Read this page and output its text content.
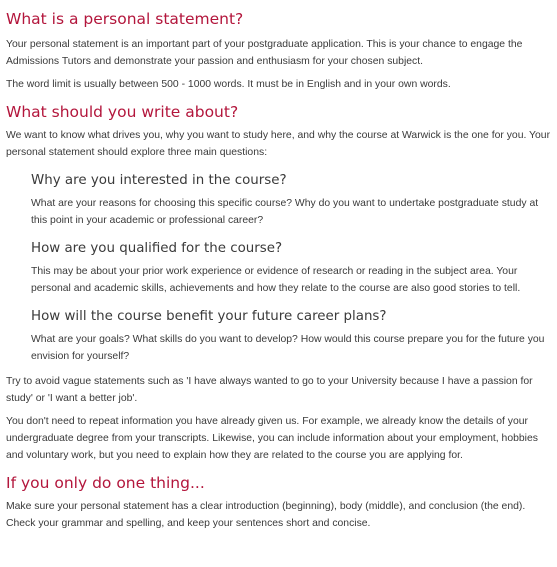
What is a personal statement?

Your personal statement is an important part of your postgraduate application. This is your chance to engage the Admissions Tutors and demonstrate your passion and enthusiasm for your chosen subject.

The word limit is usually between 500 - 1000 words. It must be in English and in your own words.

What should you write about?

We want to know what drives you, why you want to study here, and why the course at Warwick is the one for you. Your personal statement should explore three main questions:

Why are you interested in the course?

What are your reasons for choosing this specific course? Why do you want to undertake postgraduate study at this point in your academic or professional career?

How are you qualified for the course?

This may be about your prior work experience or evidence of research or reading in the subject area. Your personal and academic skills, achievements and how they relate to the course are also good stories to tell.

How will the course benefit your future career plans?

What are your goals? What skills do you want to develop? How would this course prepare you for the future you envision for yourself?

Try to avoid vague statements such as 'I have always wanted to go to your University because I have a passion for study' or 'I want a better job'.

You don't need to repeat information you have already given us. For example, we already know the details of your undergraduate degree from your transcripts. Likewise, you can include information about your employment, hobbies and voluntary work, but you need to explain how they are related to the course you are applying for.

If you only do one thing...

Make sure your personal statement has a clear introduction (beginning), body (middle), and conclusion (the end). Check your grammar and spelling, and keep your sentences short and concise.
